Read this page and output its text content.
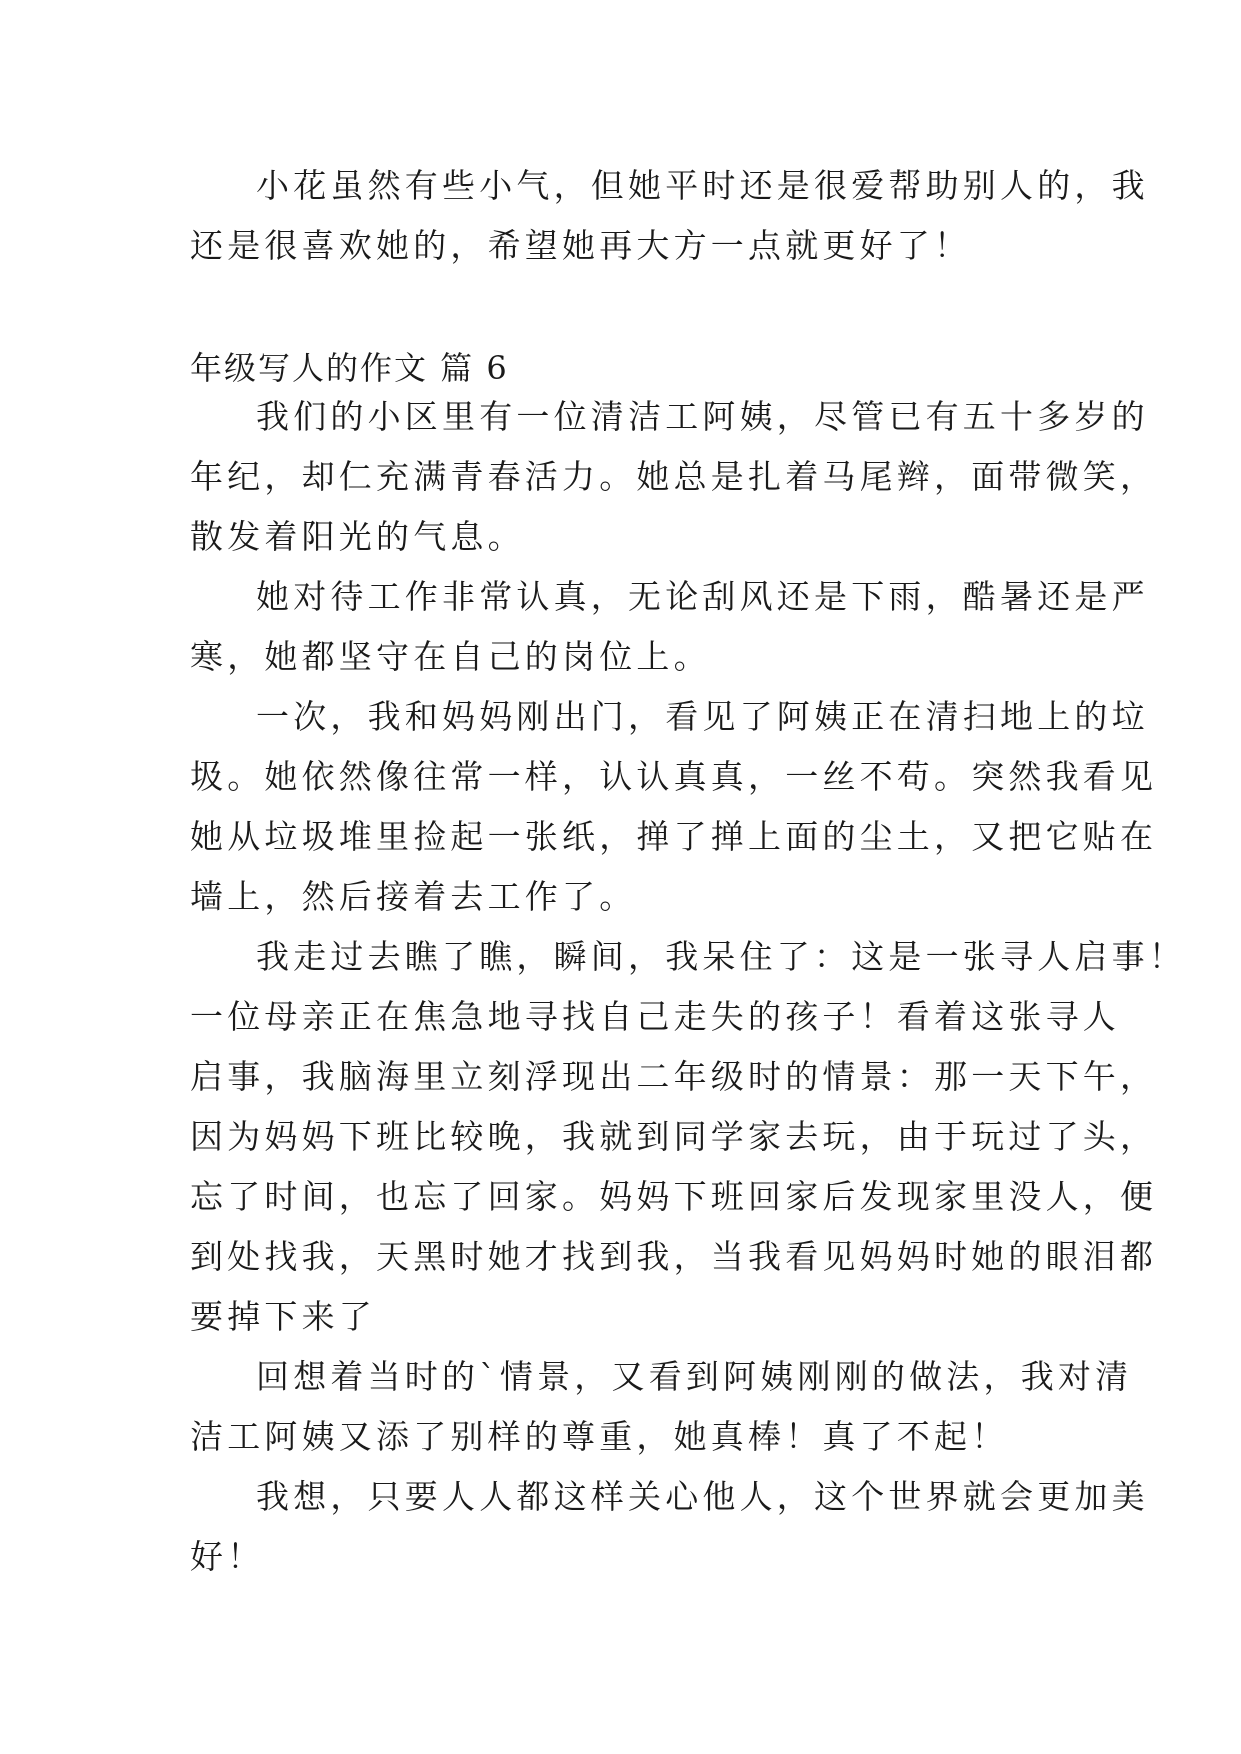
小花虽然有些小气，但她平时还是很爱帮助别人的，我
还是很喜欢她的，希望她再大方一点就更好了！
年级写人的作文 篇 6
我们的小区里有一位清洁工阿姨，尽管已有五十多岁的
年纪，却仁充满青春活力。她总是扎着马尾辫，面带微笑，
散发着阳光的气息。
她对待工作非常认真，无论刮风还是下雨，酷暑还是严
寒，她都坚守在自己的岗位上。
一次，我和妈妈刚出门，看见了阿姨正在清扫地上的垃
圾。她依然像往常一样，认认真真，一丝不苟。突然我看见
她从垃圾堆里捡起一张纸，掸了掸上面的尘土，又把它贴在
墙上，然后接着去工作了。
我走过去瞧了瞧，瞬间，我呆住了：这是一张寻人启事！
一位母亲正在焦急地寻找自己走失的孩子！看着这张寻人
启事，我脑海里立刻浮现出二年级时的情景：那一天下午，
因为妈妈下班比较晚，我就到同学家去玩，由于玩过了头，
忘了时间，也忘了回家。妈妈下班回家后发现家里没人，便
到处找我，天黑时她才找到我，当我看见妈妈时她的眼泪都
要掉下来了
回想着当时的`情景，又看到阿姨刚刚的做法，我对清
洁工阿姨又添了别样的尊重，她真棒！真了不起！
我想，只要人人都这样关心他人，这个世界就会更加美
好！
